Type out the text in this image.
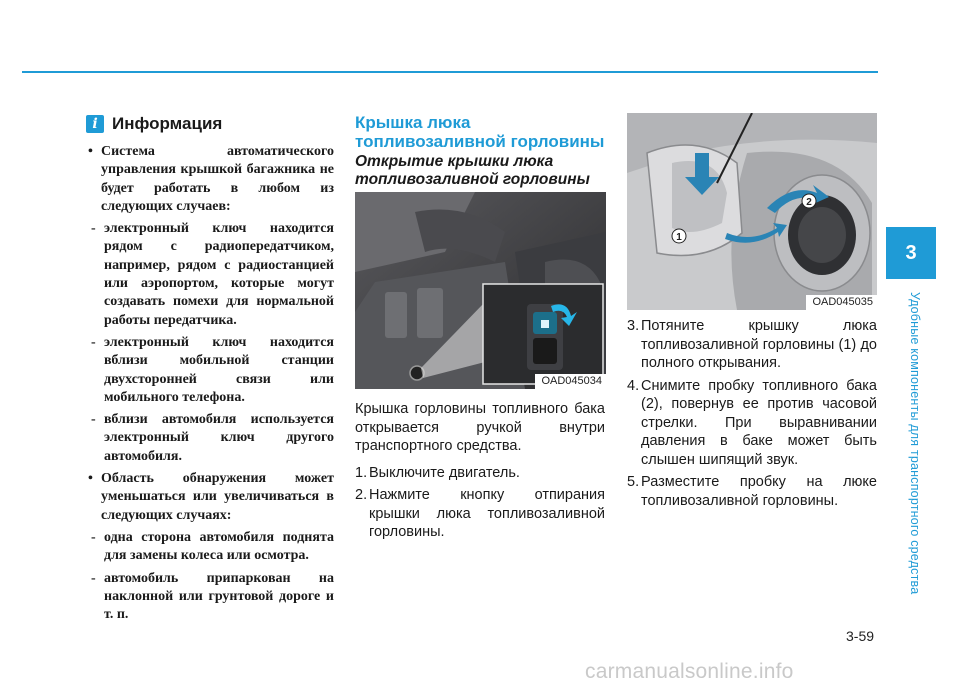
3
Удобные компоненты для транспортного средства
i Информация
• Система автоматического управления крышкой багажника не будет работать в любом из следующих случаев:
- электронный ключ находится рядом с радиопередатчиком, например, рядом с радиостанцией или аэропортом, которые могут создавать помехи для нормальной работы передатчика.
- электронный ключ находится вблизи мобильной станции двухсторонней связи или мобильного телефона.
- вблизи автомобиля используется электронный ключ другого автомобиля.
• Область обнаружения может уменьшаться или увеличиваться в следующих случаях:
- одна сторона автомобиля поднята для замены колеса или осмотра.
- автомобиль припаркован на наклонной или грунтовой дороге и т. п.
Крышка люка топливозаливной горловины
Открытие крышки люка топливозаливной горловины
OAD045034

Крышка горловины топливного бака открывается ручкой внутри транспортного средства.

1. Выключите двигатель.
2. Нажмите кнопку отпирания крышки люка топливозаливной горловины.
1
2
OAD045035
3. Потяните крышку люка топливозаливной горловины (1) до полного открывания.
4. Снимите пробку топливного бака (2), повернув ее против часовой стрелки. При выравнивании давления в баке может быть слышен шипящий звук.
5. Разместите пробку на люке топливозаливной горловины.
3-59
carmanualsonline.info
